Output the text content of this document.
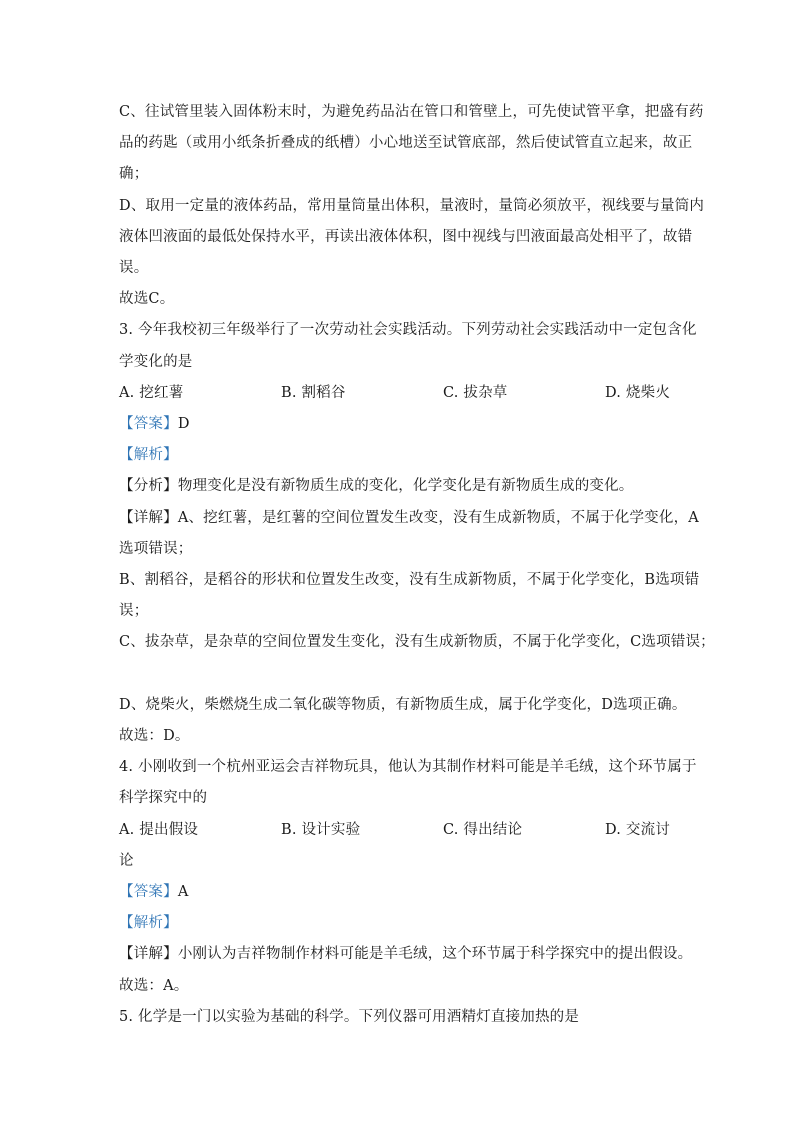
C、往试管里装入固体粉末时，为避免药品沾在管口和管壁上，可先使试管平拿，把盛有药
品的药匙（或用小纸条折叠成的纸槽）小心地送至试管底部，然后使试管直立起来，故正
确；
D、取用一定量的液体药品，常用量筒量出体积，量液时，量筒必须放平，视线要与量筒内
液体凹液面的最低处保持水平，再读出液体体积，图中视线与凹液面最高处相平了，故错
误。
故选C。
3. 今年我校初三年级举行了一次劳动社会实践活动。下列劳动社会实践活动中一定包含化
学变化的是
A. 挖红薯	B. 割稻谷	C. 拔杂草	D. 烧柴火
【答案】D
【解析】
【分析】物理变化是没有新物质生成的变化，化学变化是有新物质生成的变化。
【详解】A、挖红薯，是红薯的空间位置发生改变，没有生成新物质，不属于化学变化，A
选项错误；
B、割稻谷，是稻谷的形状和位置发生改变，没有生成新物质，不属于化学变化，B选项错
误；
C、拔杂草，是杂草的空间位置发生变化，没有生成新物质，不属于化学变化，C选项错误；
D、烧柴火，柴燃烧生成二氧化碳等物质，有新物质生成，属于化学变化，D选项正确。
故选：D。
4. 小刚收到一个杭州亚运会吉祥物玩具，他认为其制作材料可能是羊毛绒，这个环节属于
科学探究中的
A. 提出假设	B. 设计实验	C. 得出结论	D. 交流讨
论
【答案】A
【解析】
【详解】小刚认为吉祥物制作材料可能是羊毛绒，这个环节属于科学探究中的提出假设。
故选：A。
5. 化学是一门以实验为基础的科学。下列仪器可用酒精灯直接加热的是
